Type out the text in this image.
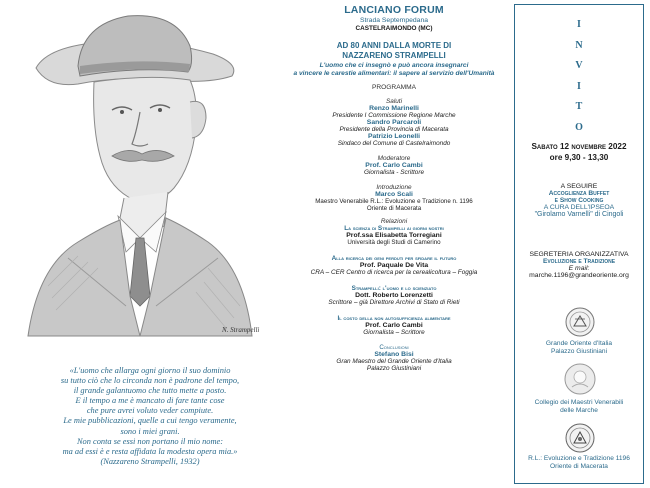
N. Strampelli
«L'uomo che allarga ogni giorno il suo dominio
su tutto ciò che lo circonda non è padrone del tempo,
il grande galantuomo che tutto mette a posto.
E il tempo a me è mancato di fare tante cose
che pure avrei voluto veder compiute.
Le mie pubblicazioni, quelle a cui tengo veramente,
sono i miei grani.
Non conta se essi non portano il mio nome:
ma ad essi è e resta affidata la modesta opera mia.»
(Nazzareno Strampelli, 1932)
LANCIANO FORUM
Strada Septempedana
CASTELRAIMONDO (MC)
AD 80 ANNI DALLA MORTE DI
NAZZARENO STRAMPELLI
L'uomo che ci insegnò e può ancora insegnarci
a vincere le carestie alimentari: il sapere al servizio dell'Umanità
PROGRAMMA
Saluti
Renzo Marinelli
Presidente I Commissione Regione Marche
Sandro Parcaroli
Presidente della Provincia di Macerata
Patrizio Leonelli
Sindaco del Comune di Castelraimondo
Moderatore
Prof. Carlo Cambi
Giornalista - Scrittore
Introduzione
Marco Scali
Maestro Venerabile R.L.: Evoluzione e Tradizione n. 1196
Oriente di Macerata
Relazioni
La scienza di Strampelli ai giorni nostri
Prof.ssa Elisabetta Torregiani
Università degli Studi di Camerino
Alla ricerca dei geni perduti per sfidare il futuro
Prof. Paquale De Vita
CRA – CER Centro di ricerca per la cerealicoltura – Foggia
Strampelli: l'uomo e lo scienziato
Dott. Roberto Lorenzetti
Scrittore – già Direttore Archivi di Stato di Rieti
Il costo della non autosufficienza alimentare
Prof. Carlo Cambi
Giornalista – Scrittore
Conclusioni
Stefano Bisi
Gran Maestro del Grande Oriente d'Italia
Palazzo Giustiniani
I
N
V
I
T
O
Sabato 12 novembre 2022
ore 9,30 - 13,30
A SEGUIRE
Accoglienza Buffet
e Show Cooking
A CURA DELL'IPSEOA
"Girolamo Varnelli" di Cingoli
SEGRETERIA ORGANIZZATIVA
Evoluzione e Tradizione
E mail:
marche.1196@grandeoriente.org
Grande Oriente d'Italia
Palazzo Giustiniani
Collegio dei Maestri Venerabili
delle Marche
R.L.: Evoluzione e Tradizione 1196
Oriente di Macerata
